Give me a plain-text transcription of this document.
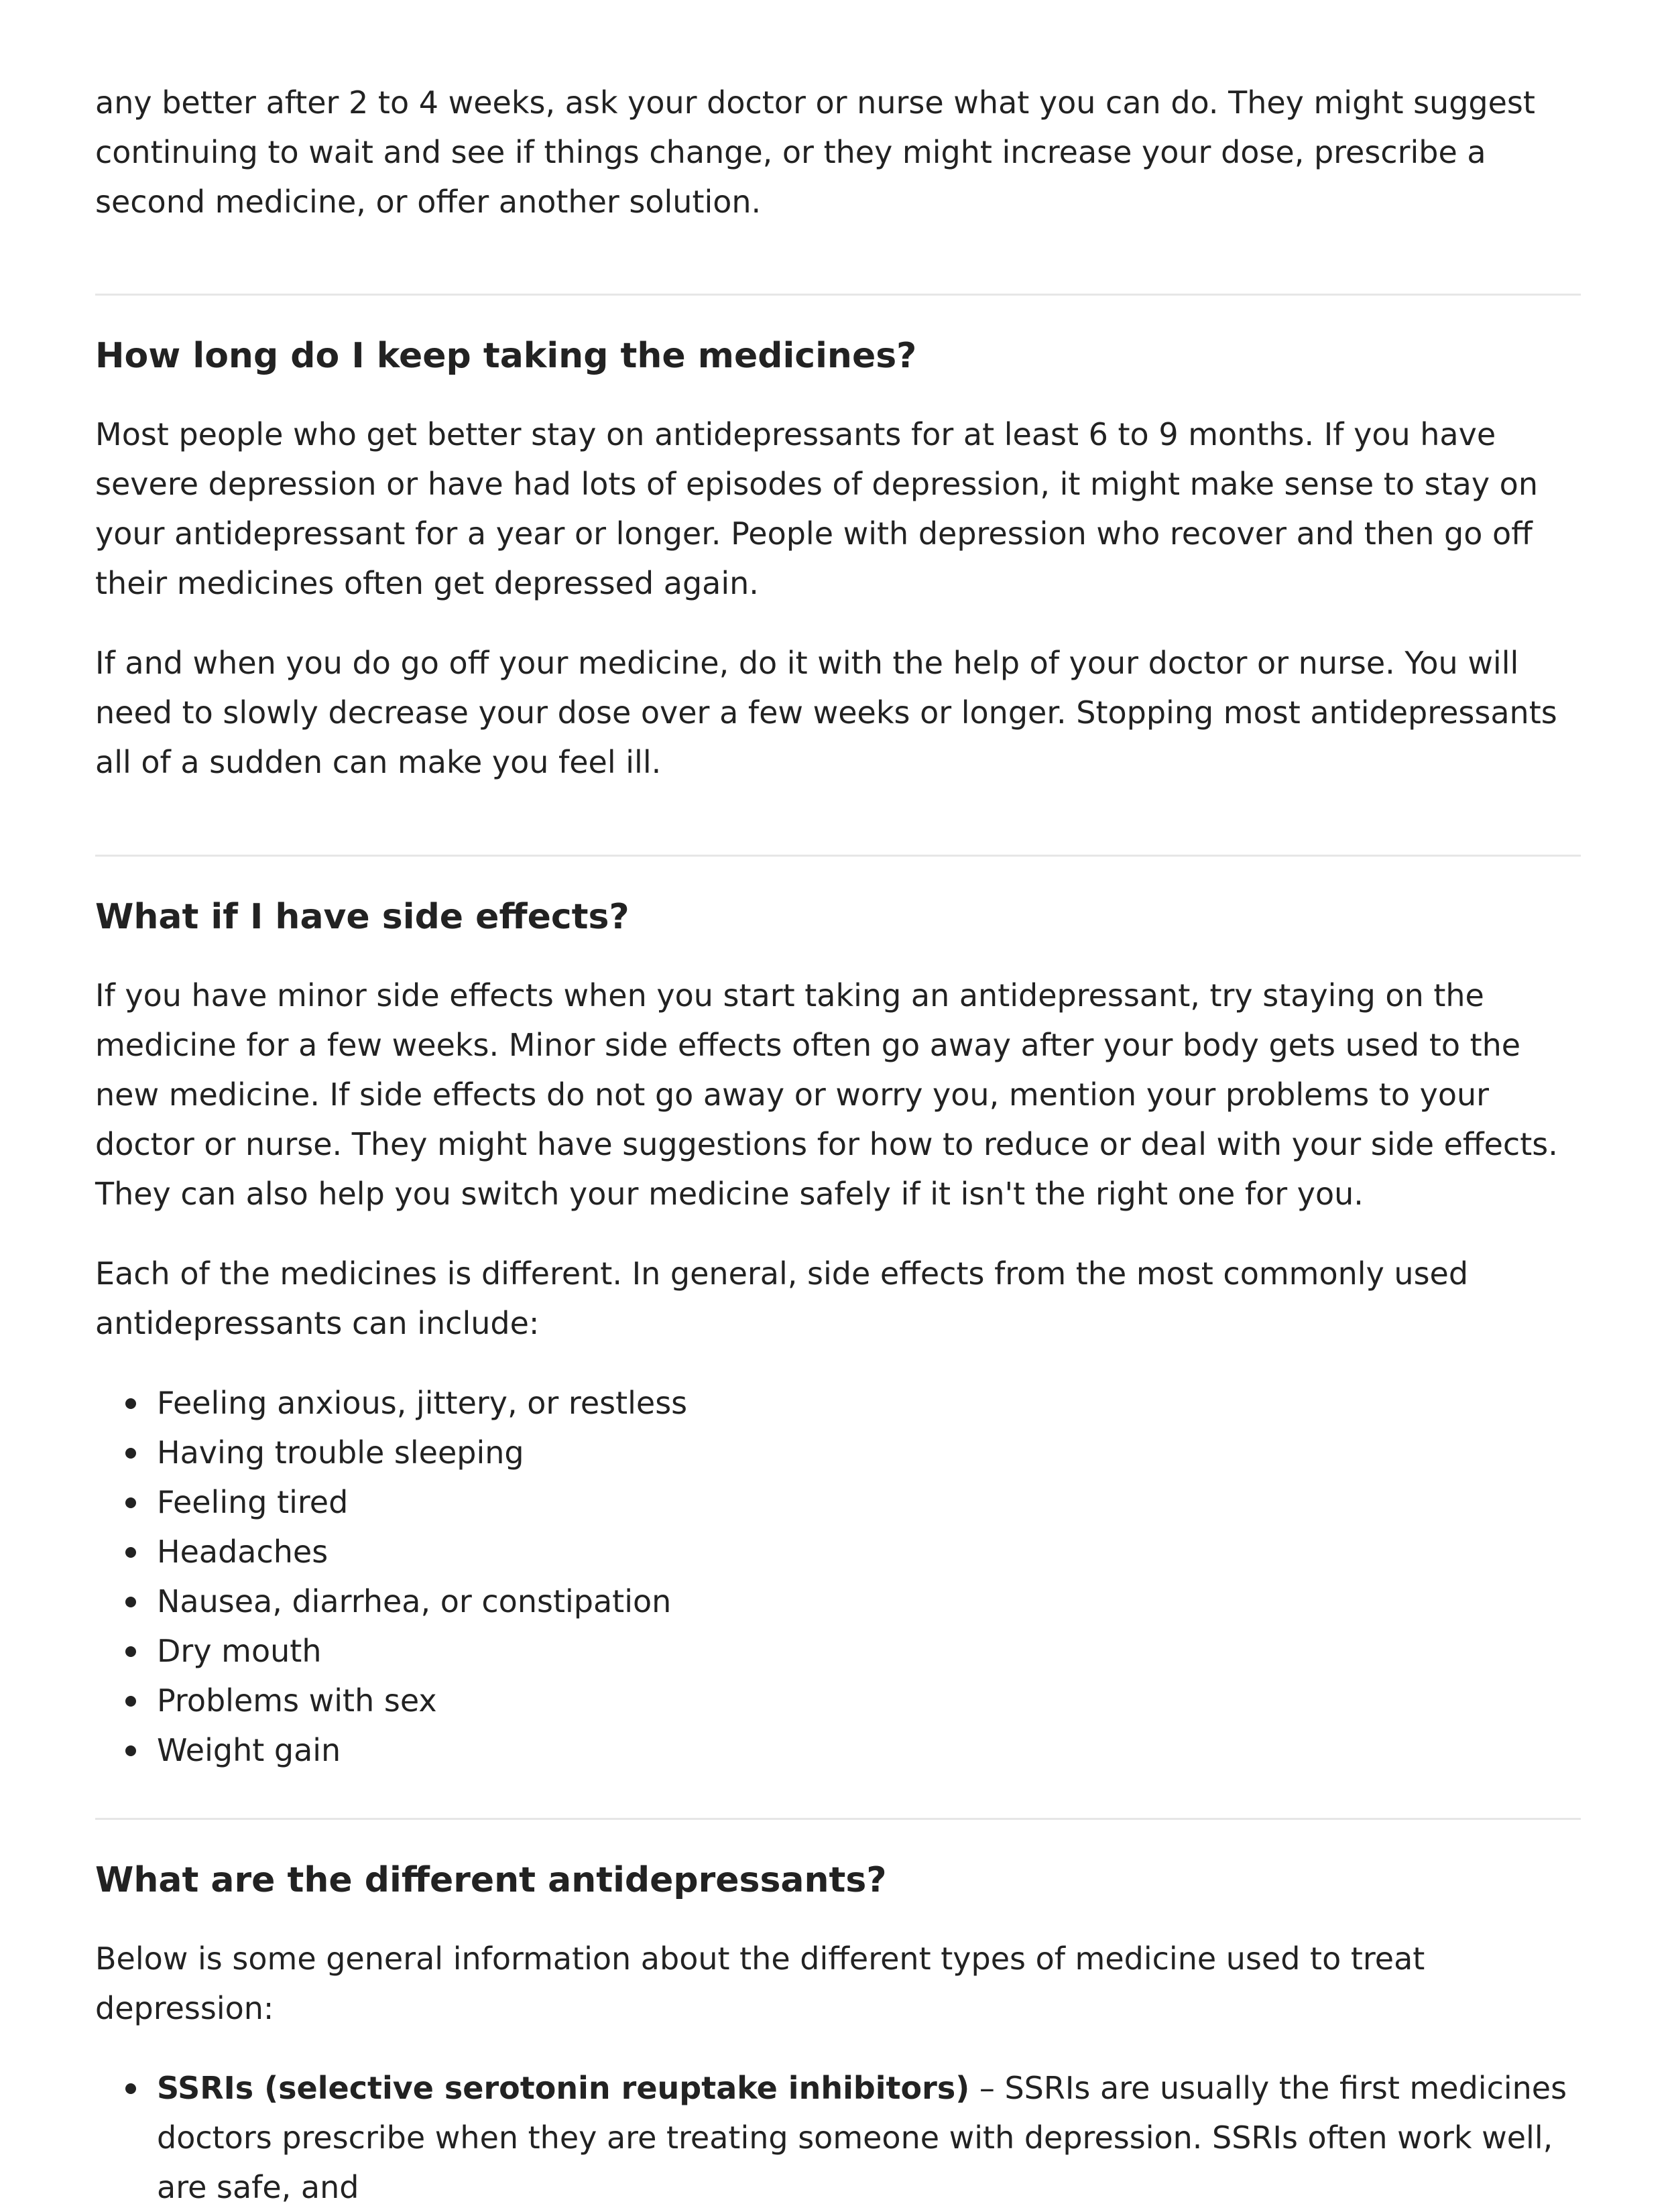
any better after 2 to 4 weeks, ask your doctor or nurse what you can do. They might suggest continuing to wait and see if things change, or they might increase your dose, prescribe a second medicine, or offer another solution.

How long do I keep taking the medicines?

Most people who get better stay on antidepressants for at least 6 to 9 months. If you have severe depression or have had lots of episodes of depression, it might make sense to stay on your antidepressant for a year or longer. People with depression who recover and then go off their medicines often get depressed again.

If and when you do go off your medicine, do it with the help of your doctor or nurse. You will need to slowly decrease your dose over a few weeks or longer. Stopping most antidepressants all of a sudden can make you feel ill.

What if I have side effects?

If you have minor side effects when you start taking an antidepressant, try staying on the medicine for a few weeks. Minor side effects often go away after your body gets used to the new medicine. If side effects do not go away or worry you, mention your problems to your doctor or nurse. They might have suggestions for how to reduce or deal with your side effects. They can also help you switch your medicine safely if it isn't the right one for you.

Each of the medicines is different. In general, side effects from the most commonly used antidepressants can include:

Feeling anxious, jittery, or restless
Having trouble sleeping
Feeling tired
Headaches
Nausea, diarrhea, or constipation
Dry mouth
Problems with sex
Weight gain
What are the different antidepressants?

Below is some general information about the different types of medicine used to treat depression:

SSRIs (selective serotonin reuptake inhibitors) – SSRIs are usually the first medicines doctors prescribe when they are treating someone with depression. SSRIs often work well, are safe, and
